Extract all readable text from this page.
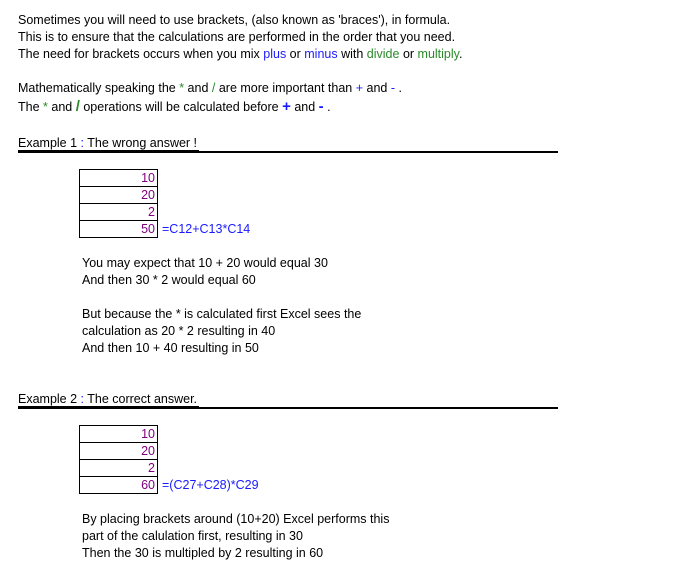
Sometimes you will need to use brackets, (also known as 'braces'), in formula.
This is to ensure that the calculations are performed in the order that you need.
The need for brackets occurs when you mix plus or minus with divide or multiply.
Mathematically speaking the * and / are more important than + and - .
The * and / operations will be calculated before + and - .
Example 1 : The wrong answer !
10
20
2
50 =C12+C13*C14
You may expect that 10 + 20 would equal 30
And then 30 * 2 would equal 60
But because the * is calculated first Excel sees the
calculation as 20 * 2 resulting in 40
And then 10 + 40 resulting in 50
Example 2 : The correct answer.
10
20
2
60 =(C27+C28)*C29
By placing brackets around (10+20) Excel performs this
part of the calulation first, resulting in 30
Then the 30 is multipled by 2 resulting in 60
